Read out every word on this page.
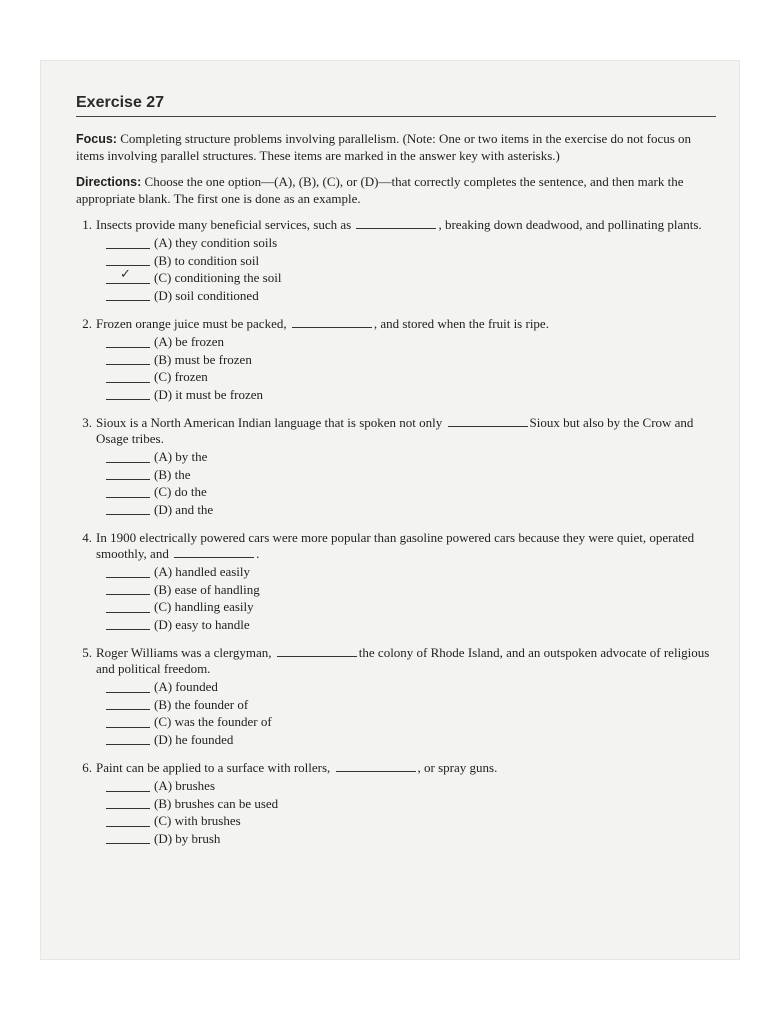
Exercise 27

Focus: Completing structure problems involving parallelism. (Note: One or two items in the exercise do not focus on items involving parallel structures. These items are marked in the answer key with asterisks.)

Directions: Choose the one option—(A), (B), (C), or (D)—that correctly completes the sentence, and then mark the appropriate blank. The first one is done as an example.

1. Insects provide many beneficial services, such as	, breaking down deadwood, and pollinating plants.
(A) they condition soils
(B) to condition soil
✓ (C) conditioning the soil
(D) soil conditioned
2. Frozen orange juice must be packed,	, and stored when the fruit is ripe.
(A) be frozen
(B) must be frozen
(C) frozen
(D) it must be frozen
3. Sioux is a North American Indian language that is spoken not only	Sioux but also by the Crow and Osage tribes.
(A) by the
(B) the
(C) do the
(D) and the
4. In 1900 electrically powered cars were more popular than gasoline powered cars because they were quiet, operated smoothly, and	.
(A) handled easily
(B) ease of handling
(C) handling easily
(D) easy to handle
5. Roger Williams was a clergyman,	the colony of Rhode Island, and an outspoken advocate of religious and political freedom.
(A) founded
(B) the founder of
(C) was the founder of
(D) he founded
6. Paint can be applied to a surface with rollers,	, or spray guns.
(A) brushes
(B) brushes can be used
(C) with brushes
(D) by brush
